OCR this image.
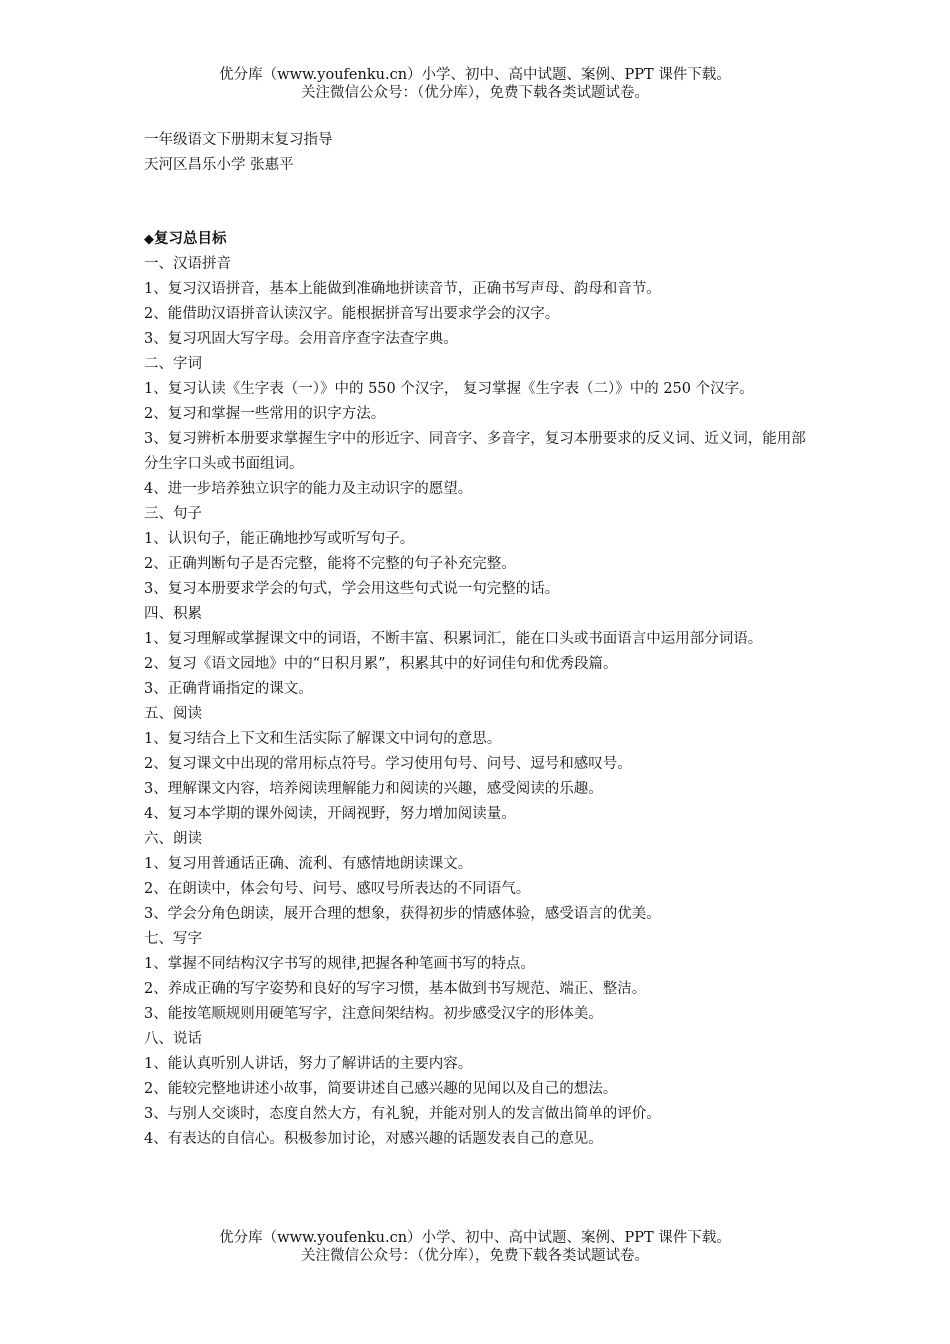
优分库（www.youfenku.cn）小学、初中、高中试题、案例、PPT 课件下载。
关注微信公众号：（优分库），免费下载各类试题试卷。
一年级语文下册期末复习指导
天河区昌乐小学 张惠平
◆复习总目标
一、汉语拼音
1、复习汉语拼音，基本上能做到准确地拼读音节，正确书写声母、韵母和音节。
2、能借助汉语拼音认读汉字。能根据拼音写出要求学会的汉字。
3、复习巩固大写字母。会用音序查字法查字典。
二、字词
1、复习认读《生字表（一）》中的 550 个汉字， 复习掌握《生字表（二）》中的 250 个汉字。
2、复习和掌握一些常用的识字方法。
3、复习辨析本册要求掌握生字中的形近字、同音字、多音字，复习本册要求的反义词、近义词，能用部分生字口头或书面组词。
4、进一步培养独立识字的能力及主动识字的愿望。
三、句子
1、认识句子，能正确地抄写或听写句子。
2、正确判断句子是否完整，能将不完整的句子补充完整。
3、复习本册要求学会的句式，学会用这些句式说一句完整的话。
四、积累
1、复习理解或掌握课文中的词语，不断丰富、积累词汇，能在口头或书面语言中运用部分词语。
2、复习《语文园地》中的“日积月累”，积累其中的好词佳句和优秀段篇。
3、正确背诵指定的课文。
五、阅读
1、复习结合上下文和生活实际了解课文中词句的意思。
2、复习课文中出现的常用标点符号。学习使用句号、问号、逗号和感叹号。
3、理解课文内容，培养阅读理解能力和阅读的兴趣，感受阅读的乐趣。
4、复习本学期的课外阅读，开阔视野，努力增加阅读量。
六、朗读
1、复习用普通话正确、流利、有感情地朗读课文。
2、在朗读中，体会句号、问号、感叹号所表达的不同语气。
3、学会分角色朗读，展开合理的想象，获得初步的情感体验，感受语言的优美。
七、写字
1、掌握不同结构汉字书写的规律,把握各种笔画书写的特点。
2、养成正确的写字姿势和良好的写字习惯，基本做到书写规范、端正、整洁。
3、能按笔顺规则用硬笔写字，注意间架结构。初步感受汉字的形体美。
八、说话
1、能认真听别人讲话，努力了解讲话的主要内容。
2、能较完整地讲述小故事，简要讲述自己感兴趣的见闻以及自己的想法。
3、与别人交谈时，态度自然大方，有礼貌，并能对别人的发言做出简单的评价。
4、有表达的自信心。积极参加讨论，对感兴趣的话题发表自己的意见。
优分库（www.youfenku.cn）小学、初中、高中试题、案例、PPT 课件下载。
关注微信公众号：（优分库），免费下载各类试题试卷。
